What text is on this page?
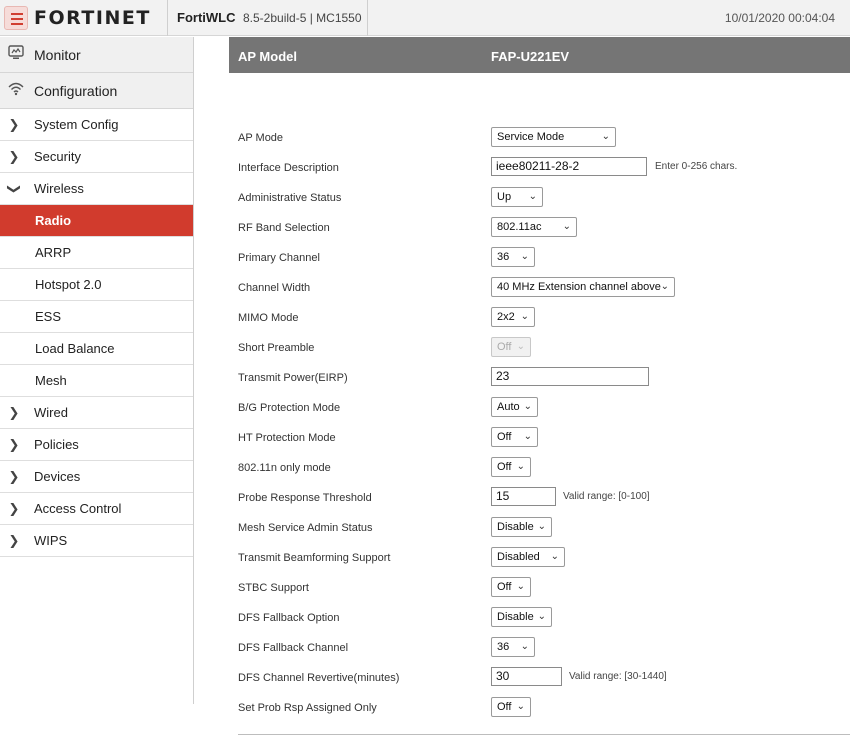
FORTINET FortiWLC 8.5-2build-5 | MC1550	10/01/2020 00:04:04
Monitor
Configuration
❯ System Config
❯ Security
❯ Wireless
Radio
ARRP
Hotspot 2.0
ESS
Load Balance
Mesh
❯ Wired
❯ Policies
❯ Devices
❯ Access Control
❯ WIPS
AP Model	FAP-U221EV
AP Mode	Service Mode	⌄
Interface Description	ieee80211-28-2	Enter 0-256 chars.
Administrative Status	Up ⌄
RF Band Selection	802.11ac ⌄
Primary Channel	36 ⌄
Channel Width	40 MHz Extension channel above ⌄
MIMO Mode	2x2 ⌄
Short Preamble	Off ⌄
Transmit Power(EIRP)	23
B/G Protection Mode	Auto ⌄
HT Protection Mode	Off ⌄
802.11n only mode	Off ⌄
Probe Response Threshold	15	Valid range: [0-100]
Mesh Service Admin Status	Disable ⌄
Transmit Beamforming Support	Disabled ⌄
STBC Support	Off ⌄
DFS Fallback Option	Disable ⌄
DFS Fallback Channel	36 ⌄
DFS Channel Revertive(minutes)	30	Valid range: [30-1440]
Set Prob Rsp Assigned Only	Off ⌄
